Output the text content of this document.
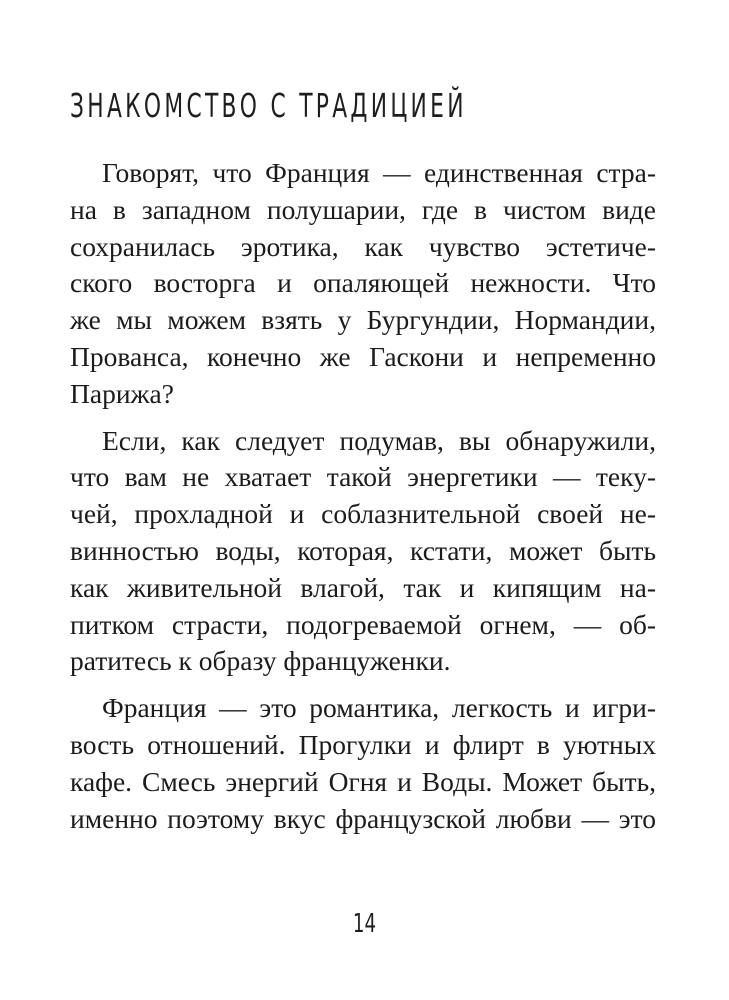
ЗНАКОМСТВО С ТРАДИЦИЕЙ

Говорят, что Франция — единственная стра-
на в западном полушарии, где в чистом виде
сохранилась эротика, как чувство эстетиче-
ского восторга и опаляющей нежности. Что
же мы можем взять у Бургундии, Нормандии,
Прованса, конечно же Гаскони и непременно
Парижа?

Если, как следует подумав, вы обнаружили,
что вам не хватает такой энергетики — теку-
чей, прохладной и соблазнительной своей не-
винностью воды, которая, кстати, может быть
как живительной влагой, так и кипящим на-
питком страсти, подогреваемой огнем, — об-
ратитесь к образу француженки.

Франция — это романтика, легкость и игри-
вость отношений. Прогулки и флирт в уютных
кафе. Смесь энергий Огня и Воды. Может быть,
именно поэтому вкус французской любви — это

14
